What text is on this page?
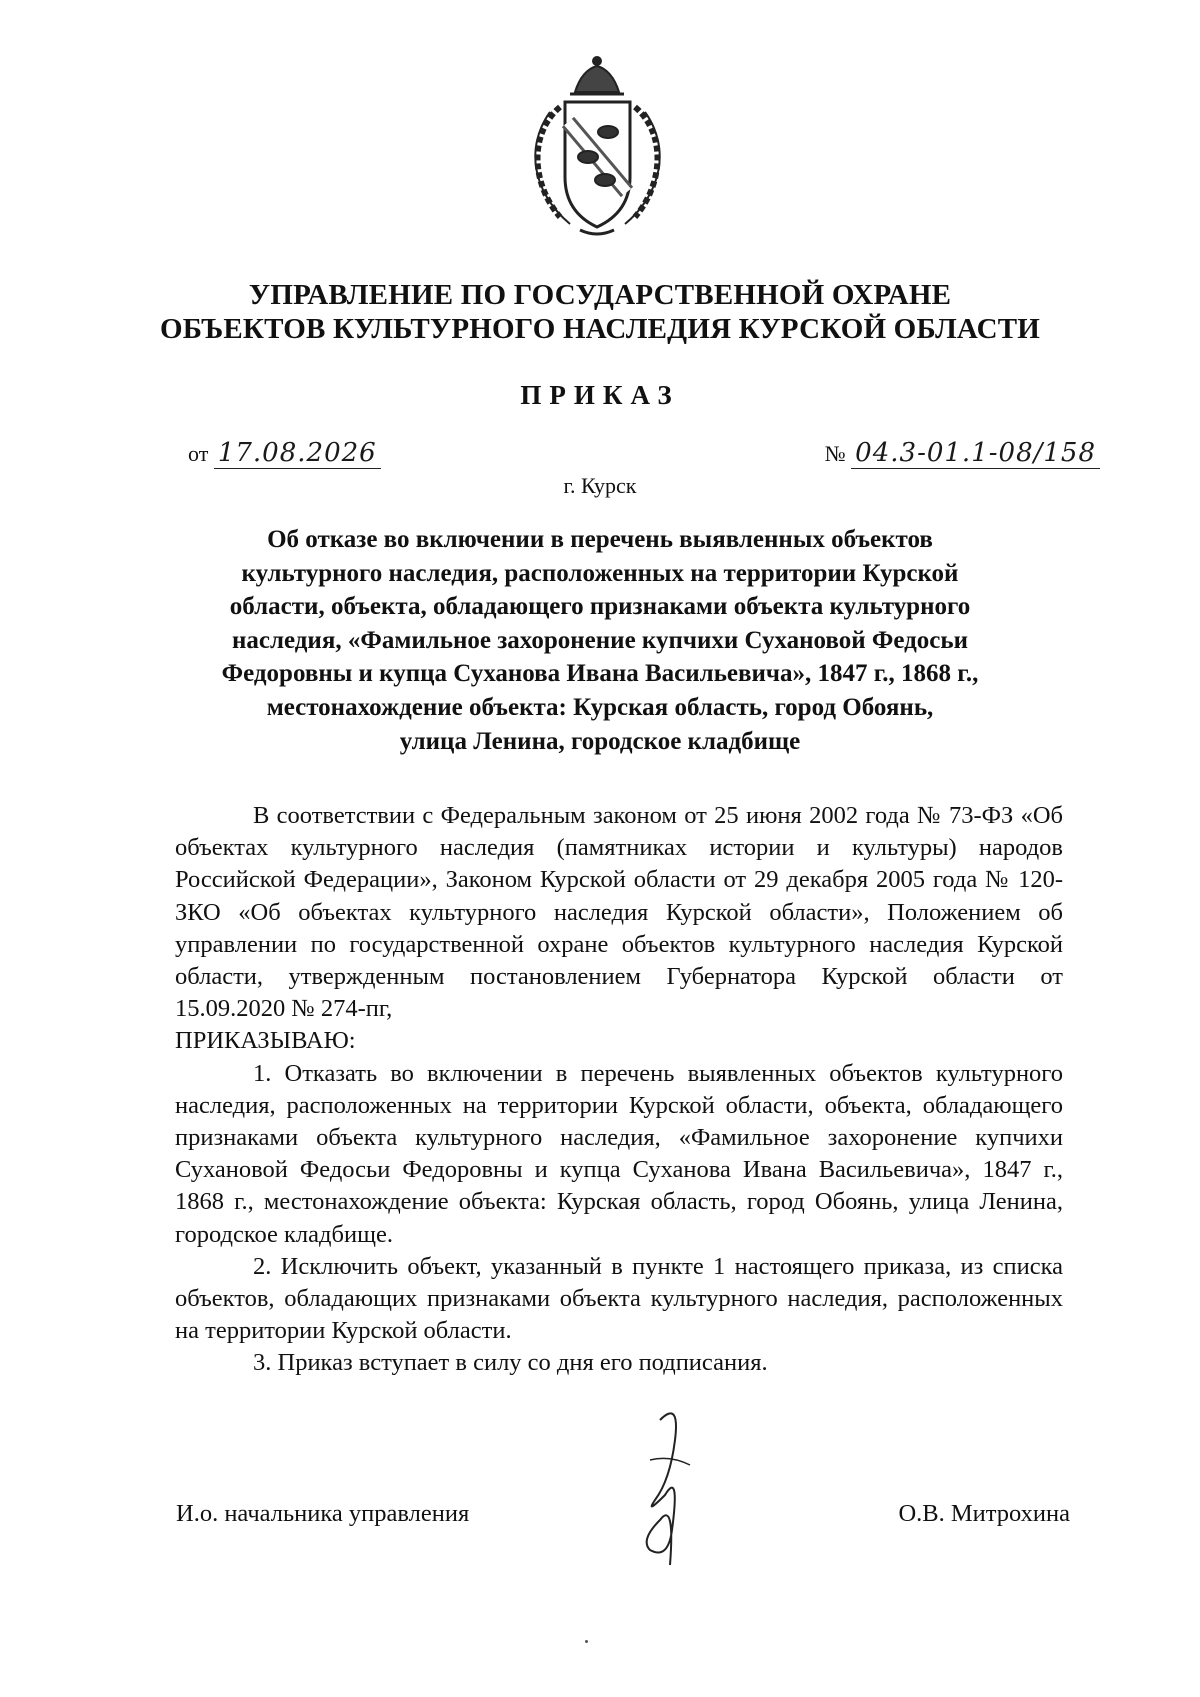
УПРАВЛЕНИЕ ПО ГОСУДАРСТВЕННОЙ ОХРАНЕ
ОБЪЕКТОВ КУЛЬТУРНОГО НАСЛЕДИЯ КУРСКОЙ ОБЛАСТИ
ПРИКАЗ
от 17.08.2026	№ 04.3-01.1-08/158
г. Курск
Об отказе во включении в перечень выявленных объектов
культурного наследия, расположенных на территории Курской
области, объекта, обладающего признаками объекта культурного
наследия, «Фамильное захоронение купчихи Сухановой Федосьи
Федоровны и купца Суханова Ивана Васильевича», 1847 г., 1868 г.,
местонахождение объекта: Курская область, город Обоянь,
улица Ленина, городское кладбище

В соответствии с Федеральным законом от 25 июня 2002 года № 73-ФЗ «Об объектах культурного наследия (памятниках истории и культуры) народов Российской Федерации», Законом Курской области от 29 декабря 2005 года № 120-ЗКО «Об объектах культурного наследия Курской области», Положением об управлении по государственной охране объектов культурного наследия Курской области, утвержденным постановлением Губернатора Курской области от 15.09.2020 № 274-пг,

ПРИКАЗЫВАЮ:

1. Отказать во включении в перечень выявленных объектов культурного наследия, расположенных на территории Курской области, объекта, обладающего признаками объекта культурного наследия, «Фамильное захоронение купчихи Сухановой Федосьи Федоровны и купца Суханова Ивана Васильевича», 1847 г., 1868 г., местонахождение объекта: Курская область, город Обоянь, улица Ленина, городское кладбище.

2. Исключить объект, указанный в пункте 1 настоящего приказа, из списка объектов, обладающих признаками объекта культурного наследия, расположенных на территории Курской области.

3. Приказ вступает в силу со дня его подписания.

И.о. начальника управления	О.В. Митрохина
